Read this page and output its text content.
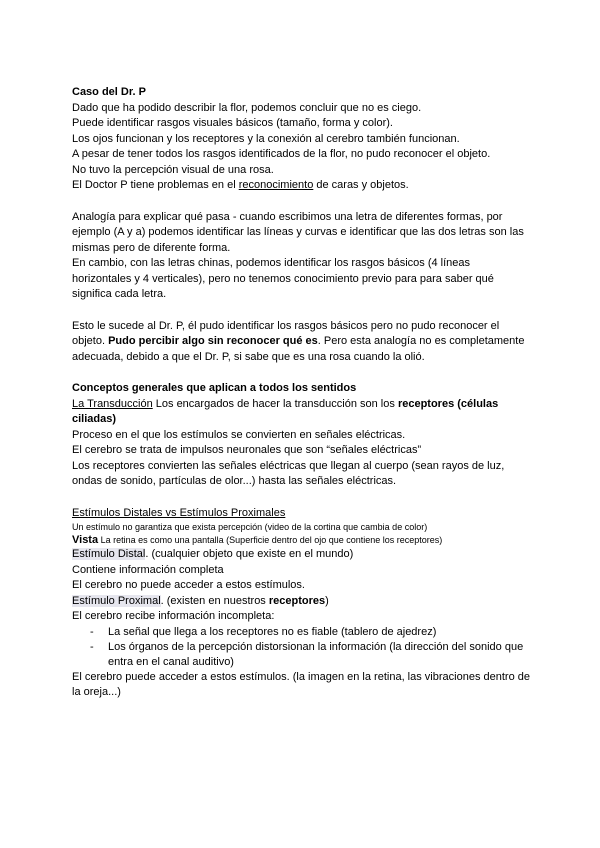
Caso del Dr. P
Dado que ha podido describir la flor, podemos concluir que no es ciego.
Puede identificar rasgos visuales básicos (tamaño, forma y color).
Los ojos funcionan y los receptores y la conexión al cerebro también funcionan.
A pesar de tener todos los rasgos identificados de la flor, no pudo reconocer el objeto.
No tuvo la percepción visual de una rosa.
El Doctor P tiene problemas en el reconocimiento de caras y objetos.
Analogía para explicar qué pasa - cuando escribimos una letra de diferentes formas, por ejemplo (A y a) podemos identificar las líneas y curvas e identificar que las dos letras son las mismas pero de diferente forma.
En cambio, con las letras chinas, podemos identificar los rasgos básicos (4 líneas horizontales y 4 verticales), pero no tenemos conocimiento previo para para saber qué significa cada letra.
Esto le sucede al Dr. P, él pudo identificar los rasgos básicos pero no pudo reconocer el objeto. Pudo percibir algo sin reconocer qué es. Pero esta analogía no es completamente adecuada, debido a que el Dr. P, si sabe que es una rosa cuando la olió.
Conceptos generales que aplican a todos los sentidos
La Transducción Los encargados de hacer la transducción son los receptores (células ciliadas)
Proceso en el que los estímulos se convierten en señales eléctricas.
El cerebro se trata de impulsos neuronales que son “señales eléctricas”
Los receptores convierten las señales eléctricas que llegan al cuerpo (sean rayos de luz, ondas de sonido, partículas de olor...) hasta las señales eléctricas.
Estímulos Distales vs Estímulos Proximales
Un estímulo no garantiza que exista percepción (video de la cortina que cambia de color)
Vista La retina es como una pantalla (Superficie dentro del ojo que contiene los receptores)
Estímulo Distal. (cualquier objeto que existe en el mundo)
Contiene información completa
El cerebro no puede acceder a estos estímulos.
Estímulo Proximal. (existen en nuestros receptores)
El cerebro recibe información incompleta:
- La señal que llega a los receptores no es fiable (tablero de ajedrez)
- Los órganos de la percepción distorsionan la información (la dirección del sonido que entra en el canal auditivo)
El cerebro puede acceder a estos estímulos. (la imagen en la retina, las vibraciones dentro de la oreja...)
